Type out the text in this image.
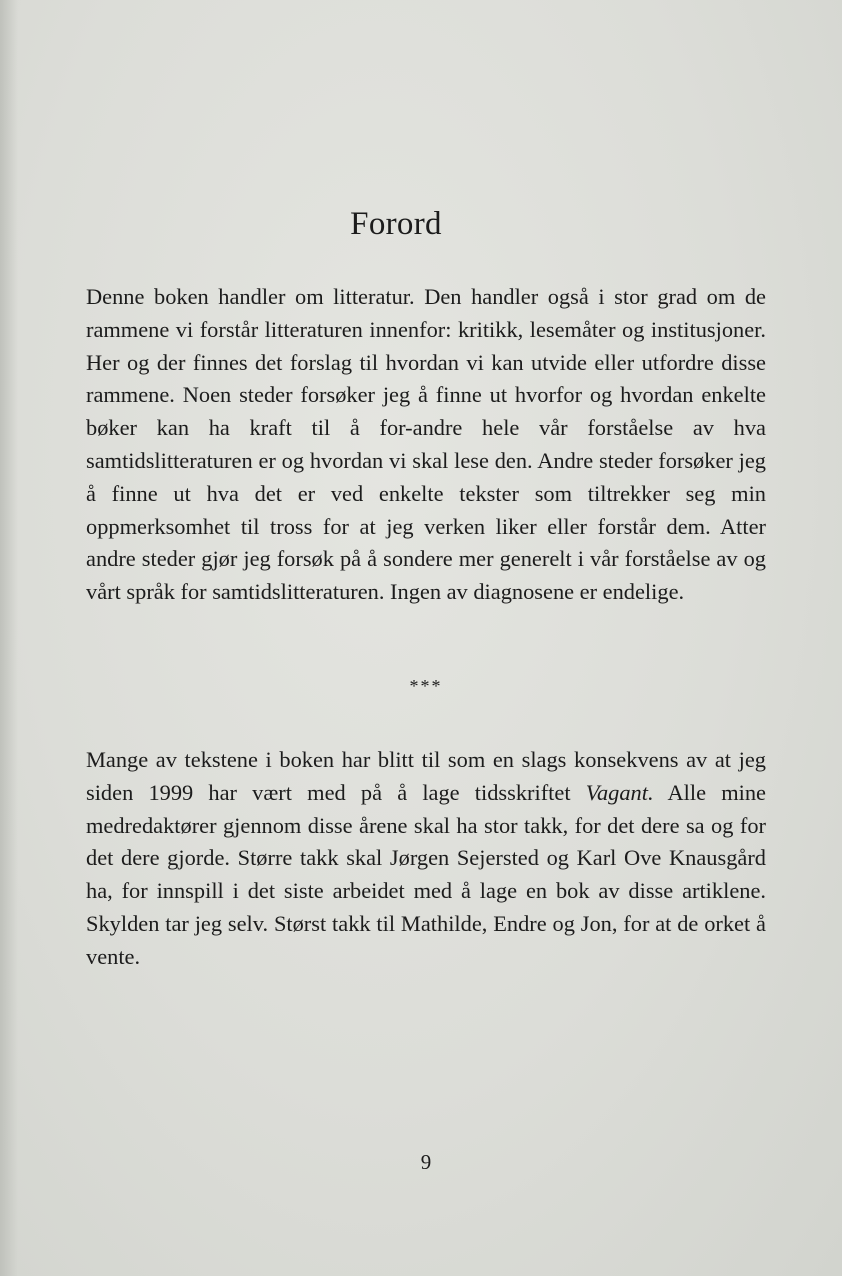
Forord

Denne boken handler om litteratur. Den handler også i stor grad om de rammene vi forstår litteraturen innenfor: kritikk, lesemåter og institusjoner. Her og der finnes det forslag til hvordan vi kan utvide eller utfordre disse rammene. Noen steder forsøker jeg å finne ut hvorfor og hvordan enkelte bøker kan ha kraft til å for-andre hele vår forståelse av hva samtidslitteraturen er og hvordan vi skal lese den. Andre steder forsøker jeg å finne ut hva det er ved enkelte tekster som tiltrekker seg min oppmerksomhet til tross for at jeg verken liker eller forstår dem. Atter andre steder gjør jeg forsøk på å sondere mer generelt i vår forståelse av og vårt språk for samtidslitteraturen. Ingen av diagnosene er endelige.

***

Mange av tekstene i boken har blitt til som en slags konsekvens av at jeg siden 1999 har vært med på å lage tidsskriftet Vagant. Alle mine medredaktører gjennom disse årene skal ha stor takk, for det dere sa og for det dere gjorde. Større takk skal Jørgen Sejersted og Karl Ove Knausgård ha, for innspill i det siste arbeidet med å lage en bok av disse artiklene. Skylden tar jeg selv. Størst takk til Mathilde, Endre og Jon, for at de orket å vente.

9
